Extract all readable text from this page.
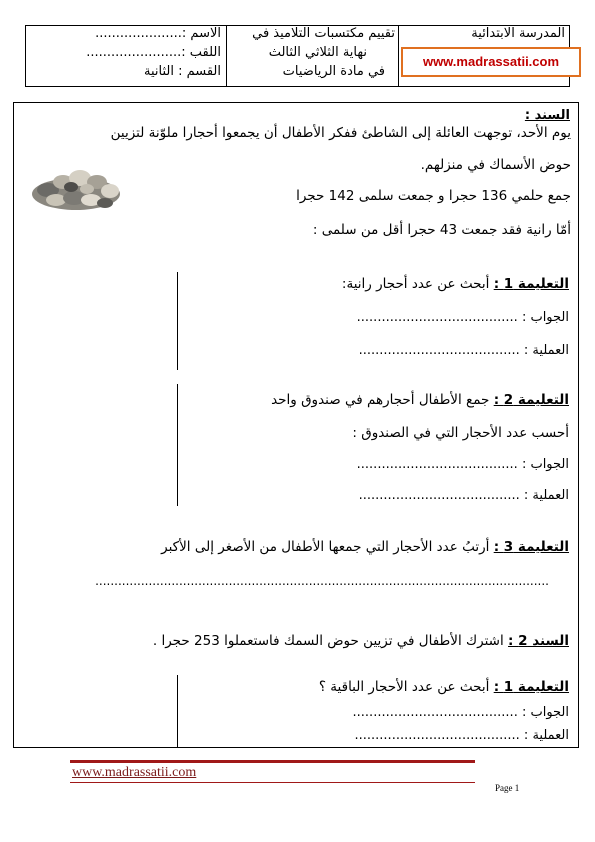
المدرسة الابتدائية
تقييم مكتسبات التلاميذ في
نهاية الثلاثي الثالث
في مادة الرياضيات
الاسم :.....................
اللقب :.......................
القسم : الثانية
www.madrassatii.com
السند :
يوم الأحد، توجهت العائلة إلى الشاطئ ففكر الأطفال أن يجمعوا أحجارا ملوّنة لتزيين
حوض الأسماك في منزلهم.
جمع حلمي 136 حجرا و جمعت سلمى 142 حجرا
أمّا رانية فقد جمعت 43 حجرا أقل من سلمى :
التعليمة 1 : أبحث عن عدد أحجار رانية:
الجواب : .......................................
العملية : .......................................
التعليمة 2 : جمع الأطفال أحجارهم في صندوق واحد
أحسب عدد الأحجار التي في الصندوق :
الجواب : .......................................
العملية : .......................................
التعليمة 3 : أرتبُ عدد الأحجار التي جمعها الأطفال من الأصغر إلى الأكبر
.......................................................................................................................
السند 2 : اشترك الأطفال في تزيين حوض السمك فاستعملوا 253 حجرا .
التعليمة 1 : أبحث عن عدد الأحجار الباقية ؟
الجواب : ........................................
العملية : ........................................
www.madrassatii.com
Page 1
